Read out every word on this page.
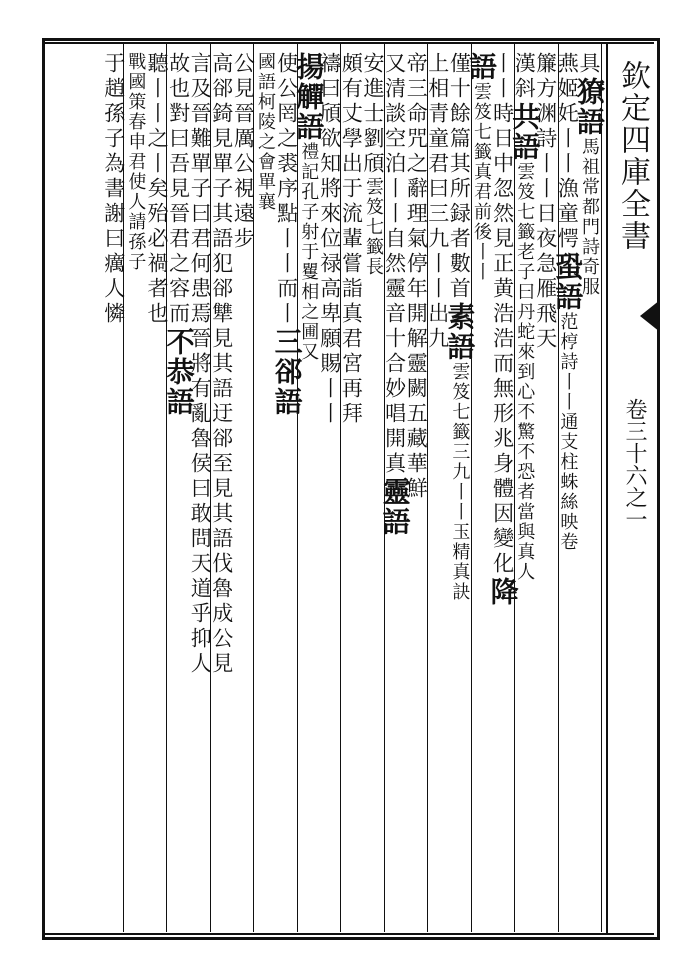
欽定四庫全書
卷三十六之一
具獠語馬祖常都門詩奇服
燕姬奼丨丨漁童愕蛩語范梈詩丨丨通支柱蛛絲映卷
簾方渊詩丨丨日夜急雁飛天
漢斜共語雲笈七籤老子曰丹蛇來到心不驚不恐者當與真人
丨丨時日中忽然見正黄浩浩而無形兆身體因變化降
語雲笈七籤真君前後丨丨
僅十餘篇其所録者數首素語雲笈七籤三九丨丨玉精真訣
上相青童君曰三九丨丨出九
帝三命咒之辭理氣停年開解靈闕五藏華鮮
又清談空泊丨丨自然靈音十合妙唱開真靈語
安進士劉頎雲笈七籤長
頗有丈學出于流輩嘗詣真君宮再拜
禱曰頎欲知將來位禄高卑願賜丨丨
揚觶語禮記孔子射于矍相之圃又
使公罔之裘序點丨丨而丨三郤語
國語柯陵之會單襄
公見晉厲公視遠步
高郤錡見單子其語犯郤犨見其語迂郤至見其語伐魯成公見
言及晉難單子曰君何患焉晉將有亂魯侯曰敢問天道乎抑人
故也對曰吾見晉君之容而不恭語
聽丨丨之丨矣殆必禍者也
戰國策春申君使人請孫子
于趙孫子為書謝曰癘人憐
